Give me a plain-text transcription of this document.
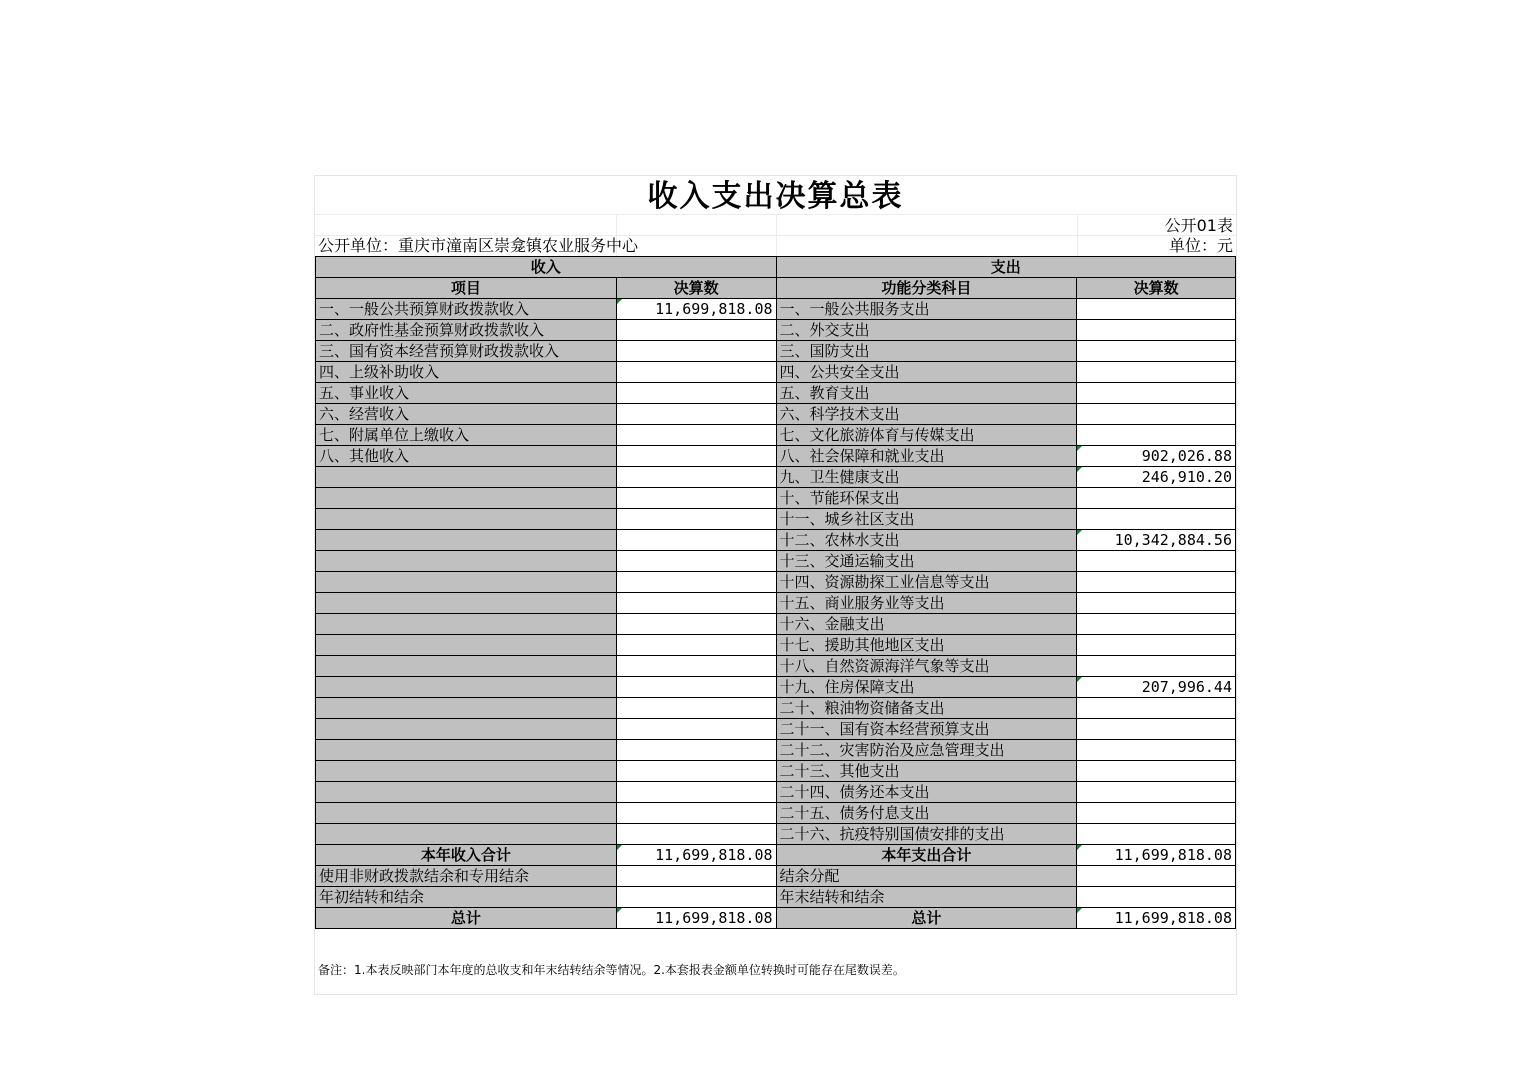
收入支出决算总表
公开01表
公开单位：重庆市潼南区崇龛镇农业服务中心	单位：元
收入		支出	
项目	决算数	功能分类科目	决算数
一、一般公共预算财政拨款收入	11,699,818.08	一、一般公共服务支出	
二、政府性基金预算财政拨款收入		二、外交支出	
三、国有资本经营预算财政拨款收入		三、国防支出	
四、上级补助收入		四、公共安全支出	
五、事业收入		五、教育支出	
六、经营收入		六、科学技术支出	
七、附属单位上缴收入		七、文化旅游体育与传媒支出	
八、其他收入		八、社会保障和就业支出	902,026.88
		九、卫生健康支出	246,910.20
		十、节能环保支出	
		十一、城乡社区支出	
		十二、农林水支出	10,342,884.56
		十三、交通运输支出	
		十四、资源勘探工业信息等支出	
		十五、商业服务业等支出	
		十六、金融支出	
		十七、援助其他地区支出	
		十八、自然资源海洋气象等支出	
		十九、住房保障支出	207,996.44
		二十、粮油物资储备支出	
		二十一、国有资本经营预算支出	
		二十二、灾害防治及应急管理支出	
		二十三、其他支出	
		二十四、债务还本支出	
		二十五、债务付息支出	
		二十六、抗疫特别国债安排的支出	
本年收入合计	11,699,818.08	本年支出合计	11,699,818.08
使用非财政拨款结余和专用结余		结余分配	
年初结转和结余		年末结转和结余	
总计	11,699,818.08	总计	11,699,818.08
备注：1.本表反映部门本年度的总收支和年末结转结余等情况。2.本套报表金额单位转换时可能存在尾数误差。
